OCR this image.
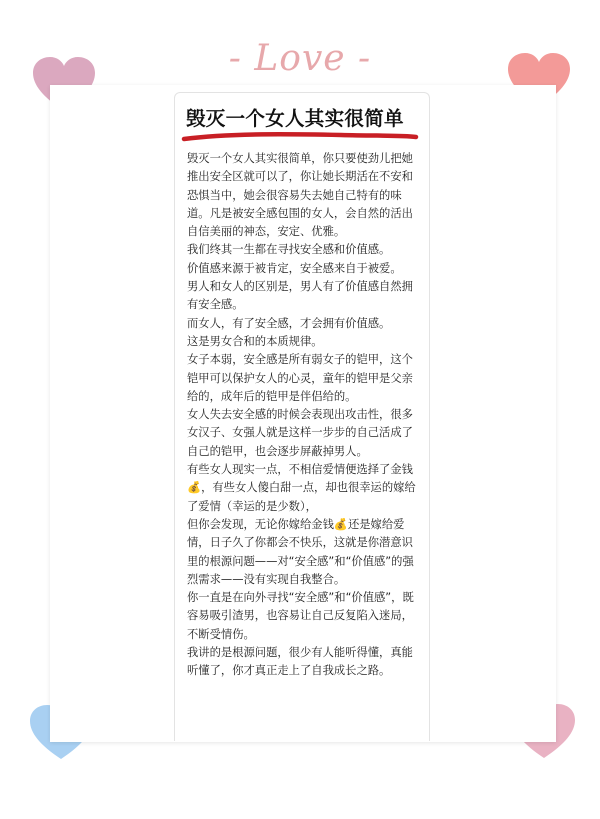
- Love -
毁灭一个女人其实很简单

毁灭一个女人其实很简单，你只要使劲儿把她推出安全区就可以了，你让她长期活在不安和恐惧当中，她会很容易失去她自己特有的味道。凡是被安全感包围的女人，会自然的活出自信美丽的神态，安定、优雅。

我们终其一生都在寻找安全感和价值感。

价值感来源于被肯定，安全感来自于被爱。

男人和女人的区别是，男人有了价值感自然拥有安全感。

而女人，有了安全感，才会拥有价值感。

这是男女合和的本质规律。

女子本弱，安全感是所有弱女子的铠甲，这个铠甲可以保护女人的心灵，童年的铠甲是父亲给的，成年后的铠甲是伴侣给的。

女人失去安全感的时候会表现出攻击性，很多女汉子、女强人就是这样一步步的自己活成了自己的铠甲，也会逐步屏蔽掉男人。

有些女人现实一点，不相信爱情便选择了金钱💰，有些女人傻白甜一点，却也很幸运的嫁给了爱情（幸运的是少数），

但你会发现，无论你嫁给金钱💰还是嫁给爱情，日子久了你都会不快乐，这就是你潜意识里的根源问题——对“安全感”和“价值感”的强烈需求——没有实现自我整合。

你一直是在向外寻找“安全感”和“价值感”，既容易吸引渣男，也容易让自己反复陷入迷局，不断受情伤。

我讲的是根源问题，很少有人能听得懂，真能听懂了，你才真正走上了自我成长之路。
